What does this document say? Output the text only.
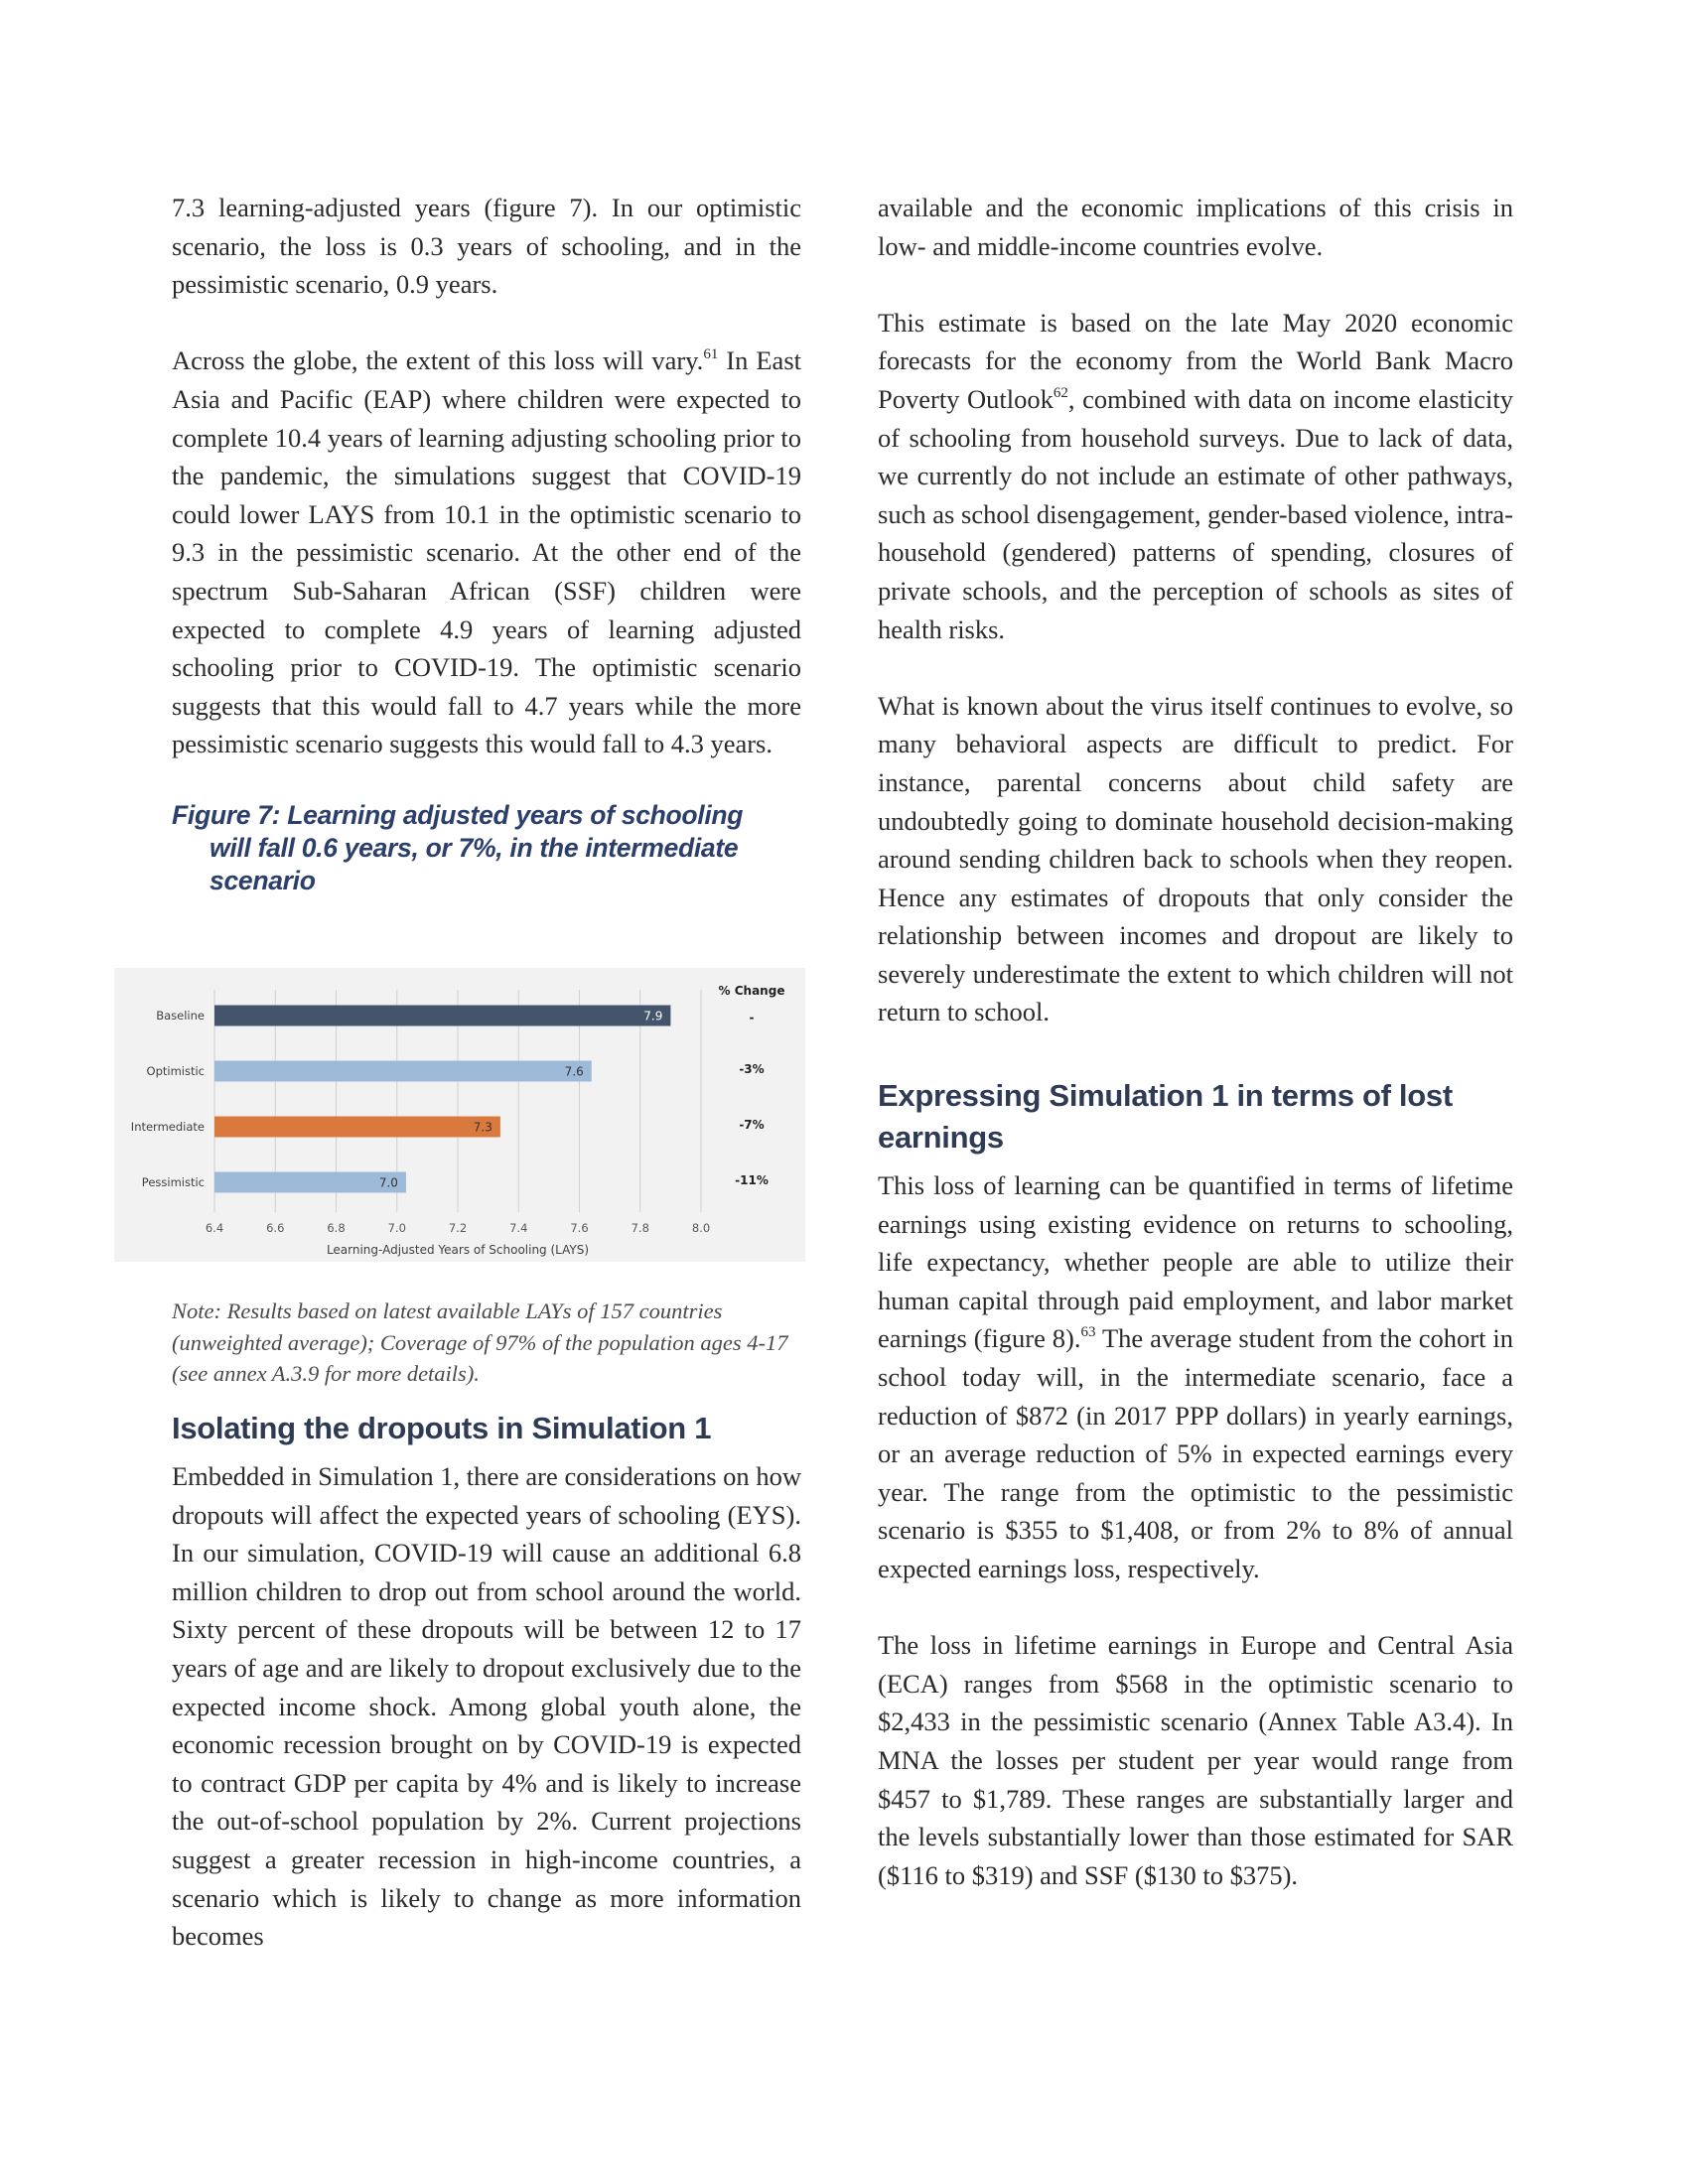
7.3 learning-adjusted years (figure 7). In our optimistic scenario, the loss is 0.3 years of schooling, and in the pessimistic scenario, 0.9 years.

Across the globe, the extent of this loss will vary.$^{61}$ In East Asia and Pacific (EAP) where children were expected to complete 10.4 years of learning adjusting schooling prior to the pandemic, the simulations suggest that COVID-19 could lower LAYS from 10.1 in the optimistic scenario to 9.3 in the pessimistic scenario. At the other end of the spectrum Sub-Saharan African (SSF) children were expected to complete 4.9 years of learning adjusted schooling prior to COVID-19. The optimistic scenario suggests that this would fall to 4.7 years while the more pessimistic scenario suggests this would fall to 4.3 years.

Figure 7: Learning adjusted years of schooling
will fall 0.6 years, or 7%, in the intermediate
scenario

6.4	6.6	6.8	7.0	7.2	7.4	7.6	7.8	8.0
Baseline	7.9	-
Optimistic	7.6	-3%
Intermediate	7.3	-7%
Pessimistic	7.0	-11%
% Change
Learning-Adjusted Years of Schooling (LAYS)

Note: Results based on latest available LAYs of 157 countries (unweighted average); Coverage of 97% of the population ages 4-17 (see annex A.3.9 for more details).

Isolating the dropouts in Simulation 1

Embedded in Simulation 1, there are considerations on how dropouts will affect the expected years of schooling (EYS). In our simulation, COVID-19 will cause an additional 6.8 million children to drop out from school around the world. Sixty percent of these dropouts will be between 12 to 17 years of age and are likely to dropout exclusively due to the expected income shock. Among global youth alone, the economic recession brought on by COVID-19 is expected to contract GDP per capita by 4% and is likely to increase the out-of-school population by 2%. Current projections suggest a greater recession in high-income countries, a scenario which is likely to change as more information becomes

available and the economic implications of this crisis in low- and middle-income countries evolve.

This estimate is based on the late May 2020 economic forecasts for the economy from the World Bank Macro Poverty Outlook$^{62}$, combined with data on income elasticity of schooling from household surveys. Due to lack of data, we currently do not include an estimate of other pathways, such as school disengagement, gender-based violence, intra-household (gendered) patterns of spending, closures of private schools, and the perception of schools as sites of health risks.

What is known about the virus itself continues to evolve, so many behavioral aspects are difficult to predict. For instance, parental concerns about child safety are undoubtedly going to dominate household decision-making around sending children back to schools when they reopen. Hence any estimates of dropouts that only consider the relationship between incomes and dropout are likely to severely underestimate the extent to which children will not return to school.

Expressing Simulation 1 in terms of lost earnings

This loss of learning can be quantified in terms of lifetime earnings using existing evidence on returns to schooling, life expectancy, whether people are able to utilize their human capital through paid employment, and labor market earnings (figure 8).$^{63}$ The average student from the cohort in school today will, in the intermediate scenario, face a reduction of $872 (in 2017 PPP dollars) in yearly earnings, or an average reduction of 5% in expected earnings every year. The range from the optimistic to the pessimistic scenario is $355 to $1,408, or from 2% to 8% of annual expected earnings loss, respectively.

The loss in lifetime earnings in Europe and Central Asia (ECA) ranges from $568 in the optimistic scenario to $2,433 in the pessimistic scenario (Annex Table A3.4). In MNA the losses per student per year would range from $457 to $1,789. These ranges are substantially larger and the levels substantially lower than those estimated for SAR ($116 to $319) and SSF ($130 to $375).
